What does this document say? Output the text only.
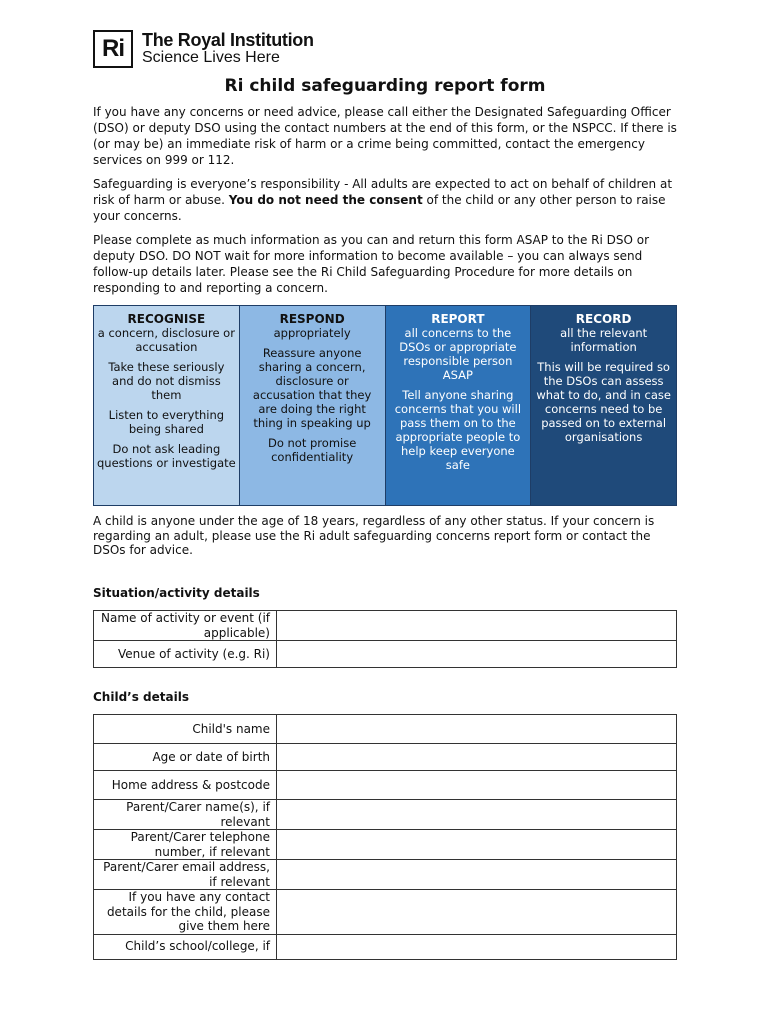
Ri	The Royal Institution
Science Lives Here
Ri child safeguarding report form

If you have any concerns or need advice, please call either the Designated Safeguarding Officer (DSO) or deputy DSO using the contact numbers at the end of this form, or the NSPCC. If there is (or may be) an immediate risk of harm or a crime being committed, contact the emergency services on 999 or 112.

Safeguarding is everyone’s responsibility - All adults are expected to act on behalf of children at risk of harm or abuse. You do not need the consent of the child or any other person to raise your concerns.

Please complete as much information as you can and return this form ASAP to the Ri DSO or deputy DSO. DO NOT wait for more information to become available – you can always send follow-up details later. Please see the Ri Child Safeguarding Procedure for more details on responding to and reporting a concern.

RECOGNISE

a concern, disclosure or accusation

Take these seriously and do not dismiss them

Listen to everything being shared

Do not ask leading questions or investigate

RESPOND

appropriately

Reassure anyone sharing a concern, disclosure or accusation that they are doing the right thing in speaking up

Do not promise confidentiality

REPORT

all concerns to the DSOs or appropriate responsible person ASAP

Tell anyone sharing concerns that you will pass them on to the appropriate people to help keep everyone safe

RECORD

all the relevant information

This will be required so the DSOs can assess what to do, and in case concerns need to be passed on to external organisations

A child is anyone under the age of 18 years, regardless of any other status. If your concern is regarding an adult, please use the Ri adult safeguarding concerns report form or contact the DSOs for advice.

Situation/activity details

Name of activity or event (if applicable)	
Venue of activity (e.g. Ri)	

Child’s details

Child's name	
Age or date of birth	
Home address & postcode	
Parent/Carer name(s), if relevant	
Parent/Carer telephone number, if relevant	
Parent/Carer email address, if relevant	
If you have any contact details for the child, please give them here	
Child’s school/college, if	
